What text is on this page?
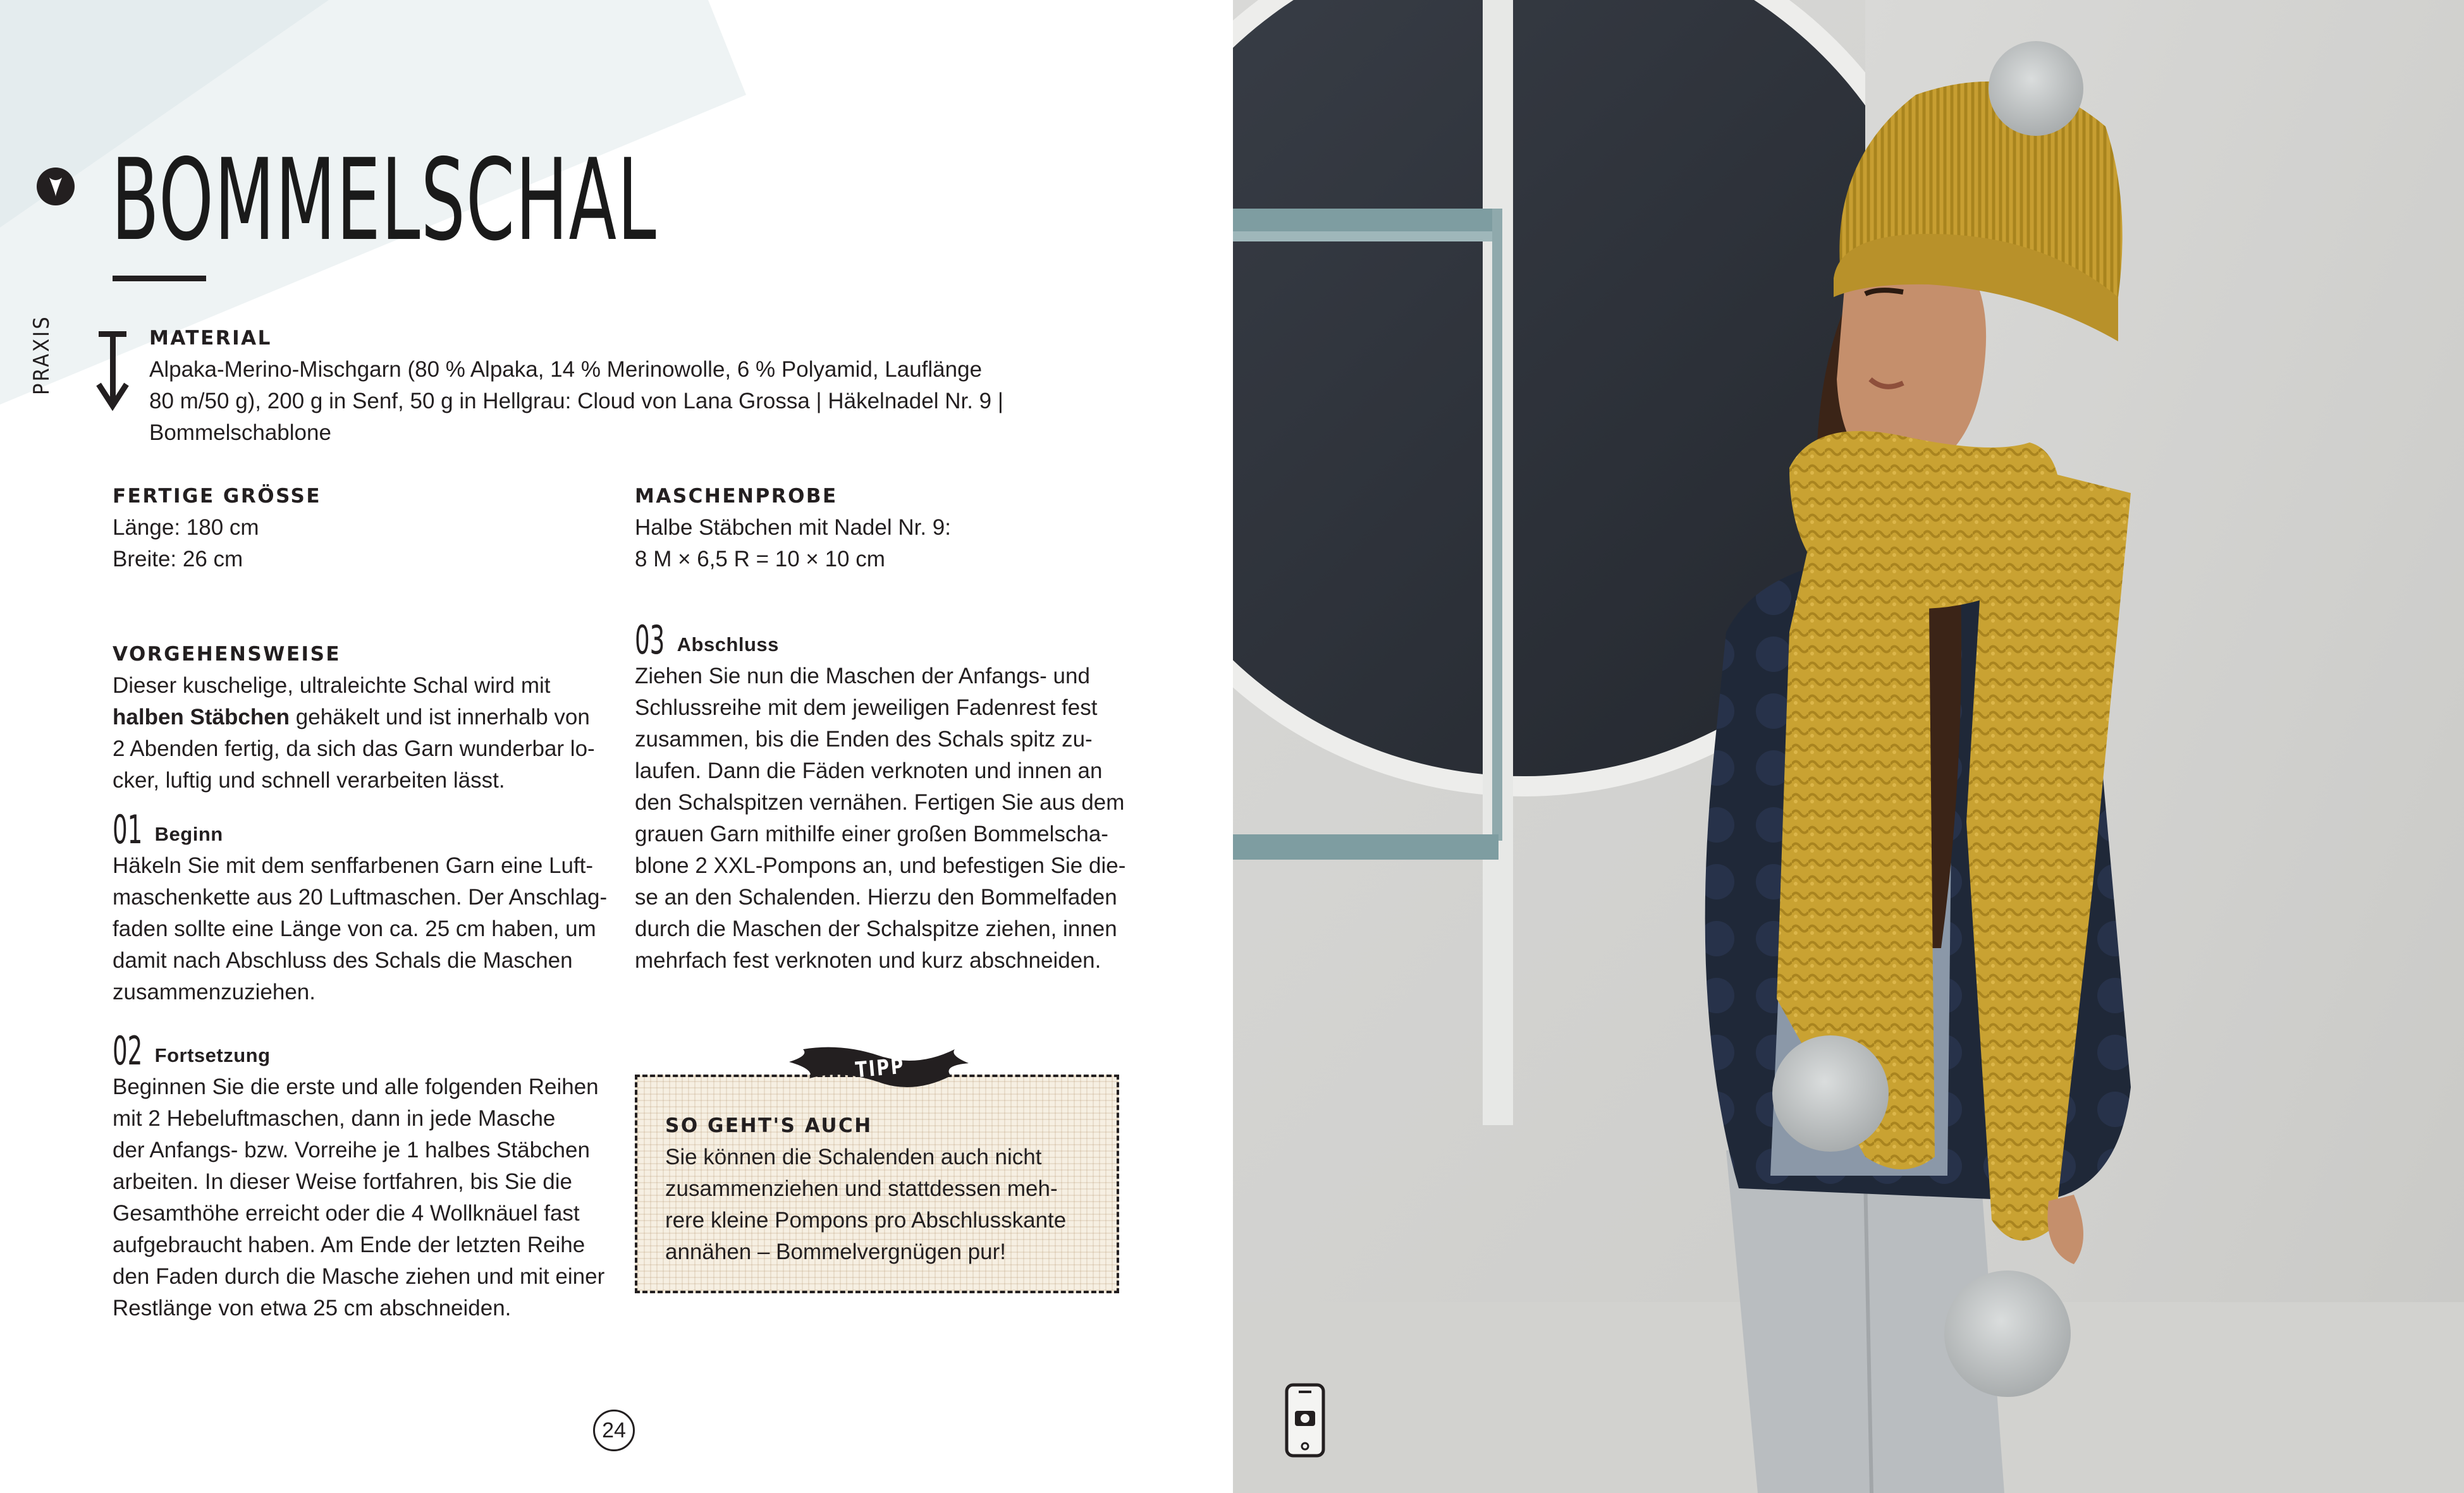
PRAXIS
BOMMELSCHAL
MATERIAL
Alpaka-Merino-Mischgarn (80 % Alpaka, 14 % Merinowolle, 6 % Polyamid, Lauflänge
80 m/50 g), 200 g in Senf, 50 g in Hellgrau: Cloud von Lana Grossa | Häkelnadel Nr. 9 |
Bommelschablone
FERTIGE GRÖSSE
Länge: 180 cm
Breite: 26 cm
MASCHENPROBE
Halbe Stäbchen mit Nadel Nr. 9:
8 M × 6,5 R = 10 × 10 cm
VORGEHENSWEISE
Dieser kuschelige, ultraleichte Schal wird mit
halben Stäbchen gehäkelt und ist innerhalb von
2 Abenden fertig, da sich das Garn wunderbar lo-
cker, luftig und schnell verarbeiten lässt.
01 Beginn
Häkeln Sie mit dem senffarbenen Garn eine Luft-
maschenkette aus 20 Luftmaschen. Der Anschlag-
faden sollte eine Länge von ca. 25 cm haben, um
damit nach Abschluss des Schals die Maschen
zusammenzuziehen.
02 Fortsetzung
Beginnen Sie die erste und alle folgenden Reihen
mit 2 Hebeluftmaschen, dann in jede Masche
der Anfangs- bzw. Vorreihe je 1 halbes Stäbchen
arbeiten. In dieser Weise fortfahren, bis Sie die
Gesamthöhe erreicht oder die 4 Wollknäuel fast
aufgebraucht haben. Am Ende der letzten Reihe
den Faden durch die Masche ziehen und mit einer
Restlänge von etwa 25 cm abschneiden.
03 Abschluss
Ziehen Sie nun die Maschen der Anfangs- und
Schlussreihe mit dem jeweiligen Fadenrest fest
zusammen, bis die Enden des Schals spitz zu-
laufen. Dann die Fäden verknoten und innen an
den Schalspitzen vernähen. Fertigen Sie aus dem
grauen Garn mithilfe einer großen Bommelscha-
blone 2 XXL-Pompons an, und befestigen Sie die-
se an den Schalenden. Hierzu den Bommelfaden
durch die Maschen der Schalspitze ziehen, innen
mehrfach fest verknoten und kurz abschneiden.
TIPP
SO GEHT'S AUCH
Sie können die Schalenden auch nicht
zusammenziehen und stattdessen meh-
rere kleine Pompons pro Abschlusskante
annähen – Bommelvergnügen pur!
24
